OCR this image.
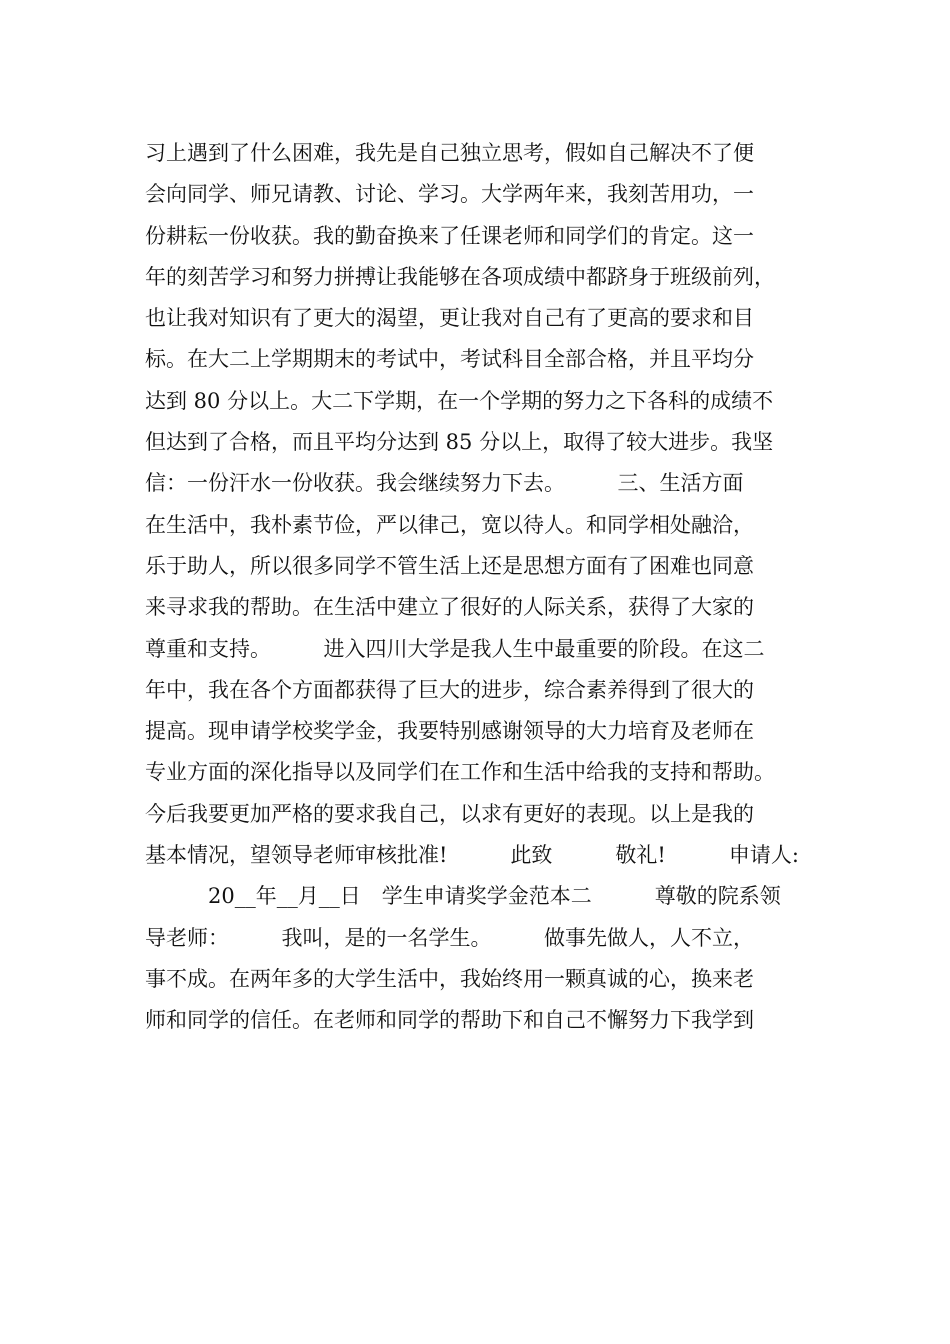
习上遇到了什么困难，我先是自己独立思考，假如自己解决不了便
会向同学、师兄请教、讨论、学习。大学两年来，我刻苦用功，一
份耕耘一份收获。我的勤奋换来了任课老师和同学们的肯定。这一
年的刻苦学习和努力拼搏让我能够在各项成绩中都跻身于班级前列，
也让我对知识有了更大的渴望，更让我对自己有了更高的要求和目
标。在大二上学期期末的考试中，考试科目全部合格，并且平均分
达到 80 分以上。大二下学期，在一个学期的努力之下各科的成绩不
但达到了合格，而且平均分达到 85 分以上，取得了较大进步。我坚
信：一份汗水一份收获。我会继续努力下去。　　　三、生活方面
在生活中，我朴素节俭，严以律己，宽以待人。和同学相处融洽，
乐于助人，所以很多同学不管生活上还是思想方面有了困难也同意
来寻求我的帮助。在生活中建立了很好的人际关系，获得了大家的
尊重和支持。　　　进入四川大学是我人生中最重要的阶段。在这二
年中，我在各个方面都获得了巨大的进步，综合素养得到了很大的
提高。现申请学校奖学金，我要特别感谢领导的大力培育及老师在
专业方面的深化指导以及同学们在工作和生活中给我的支持和帮助。
今后我要更加严格的要求我自己，以求有更好的表现。以上是我的
基本情况，望领导老师审核批准!　　　此致　　　敬礼!　　　申请人:
　　　20__年__月__日　学生申请奖学金范本二　　　尊敬的院系领
导老师：　　　我叫，是的一名学生。　　　做事先做人，人不立，
事不成。在两年多的大学生活中，我始终用一颗真诚的心，换来老
师和同学的信任。在老师和同学的帮助下和自己不懈努力下我学到
